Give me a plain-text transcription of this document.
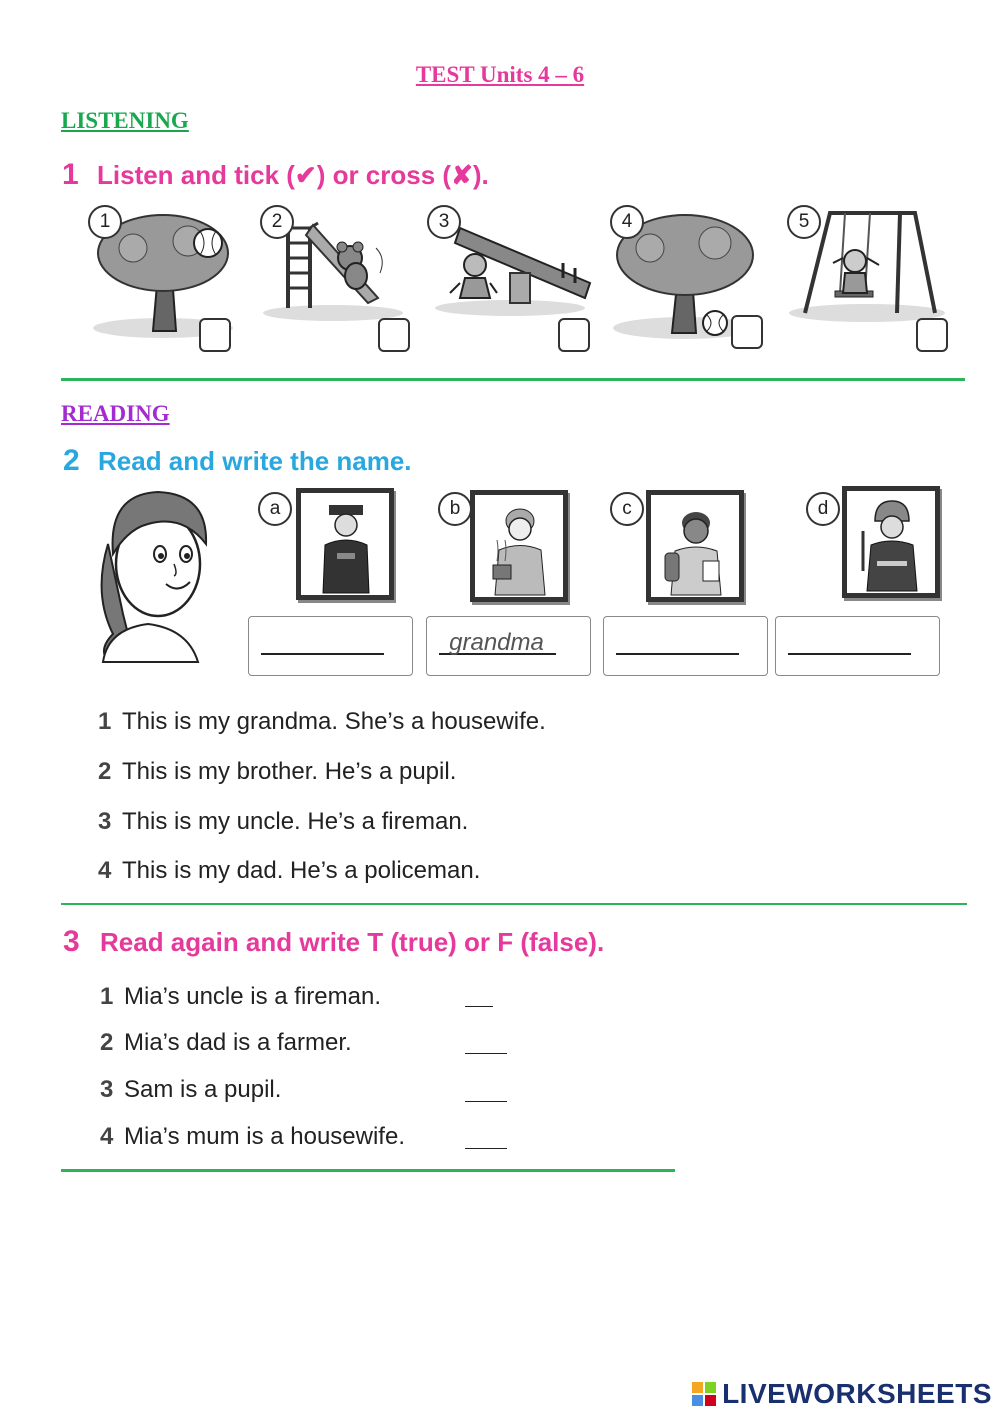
TEST Units 4 – 6
LISTENING
1 Listen and tick (✔) or cross (✘).
1	2	3	4	5
READING
2 Read and write the name.
a	b	c	d
grandma
1 This is my grandma. She’s a housewife.
2 This is my brother. He’s a pupil.
3 This is my uncle. He’s a fireman.
4 This is my dad. He’s a policeman.
3 Read again and write T (true) or F (false).
1 Mia’s uncle is a fireman.
2 Mia’s dad is a farmer.
3 Sam is a pupil.
4 Mia’s mum is a housewife.
LIVEWORKSHEETS
